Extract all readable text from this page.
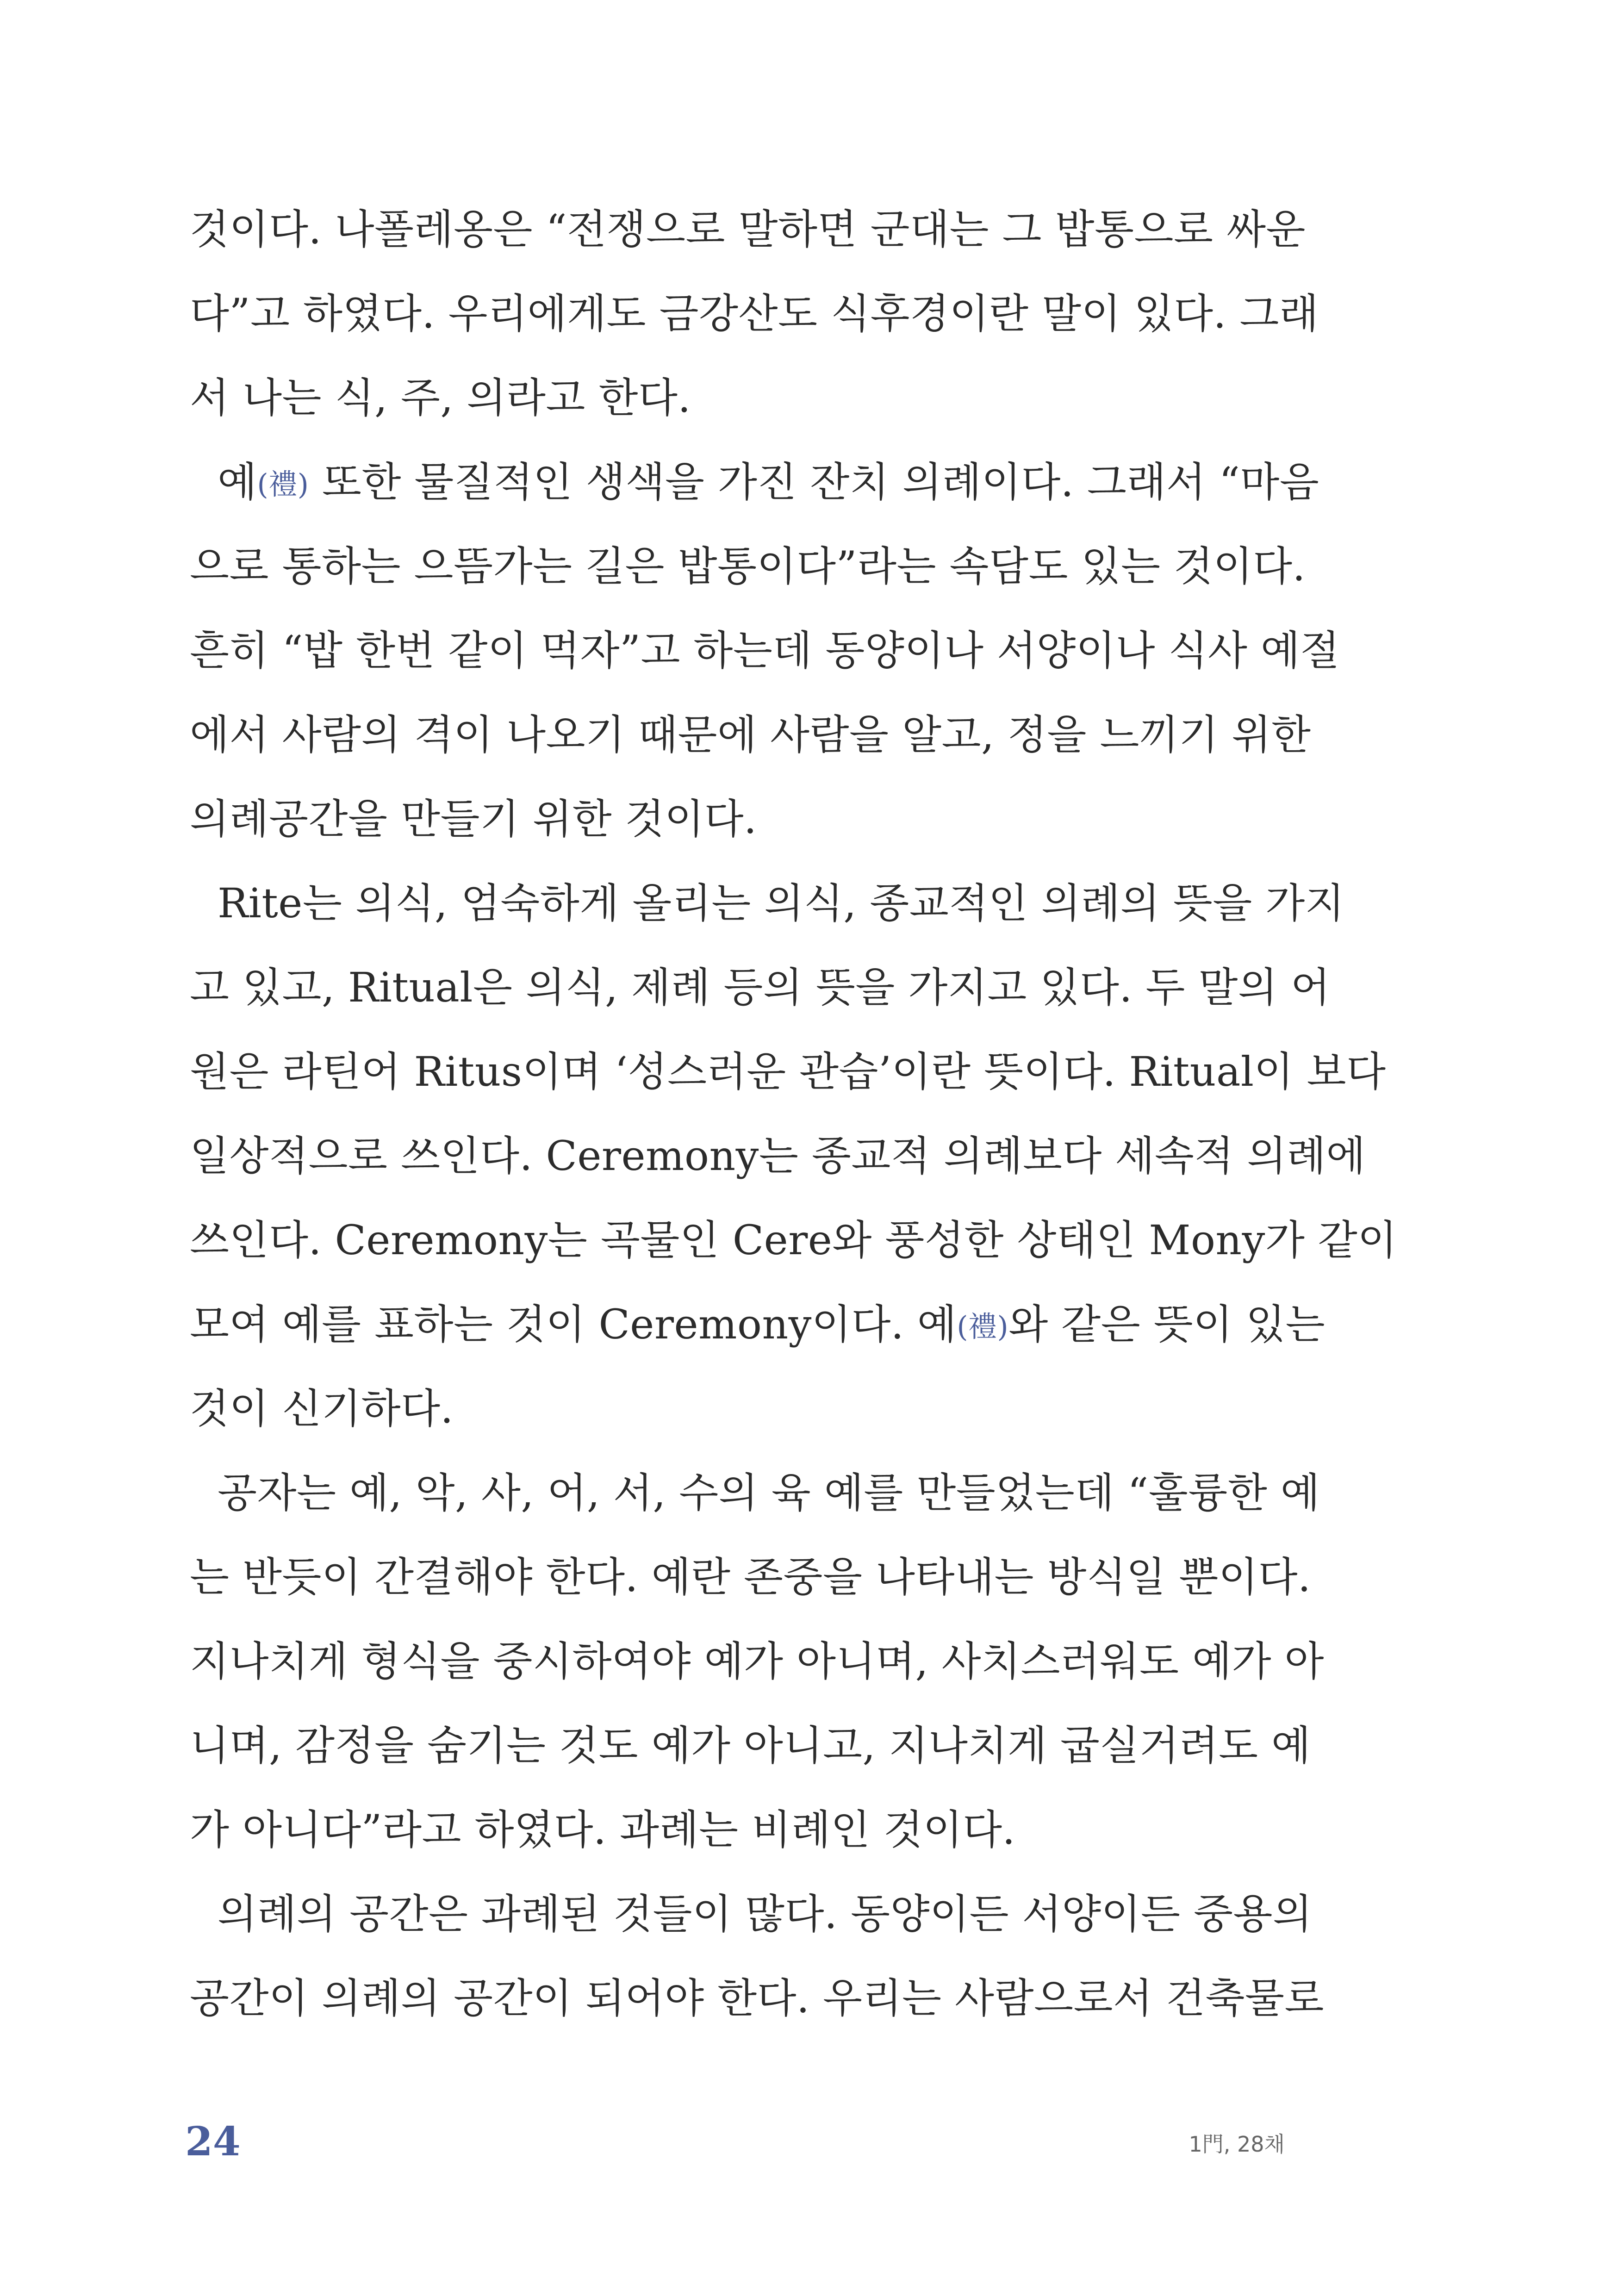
것이다. 나폴레옹은 “전쟁으로 말하면 군대는 그 밥통으로 싸운
다”고 하였다. 우리에게도 금강산도 식후경이란 말이 있다. 그래
서 나는 식, 주, 의라고 한다.
예(禮) 또한 물질적인 생색을 가진 잔치 의례이다. 그래서 “마음
으로 통하는 으뜸가는 길은 밥통이다”라는 속담도 있는 것이다.
흔히 “밥 한번 같이 먹자”고 하는데 동양이나 서양이나 식사 예절
에서 사람의 격이 나오기 때문에 사람을 알고, 정을 느끼기 위한
의례공간을 만들기 위한 것이다.
Rite는 의식, 엄숙하게 올리는 의식, 종교적인 의례의 뜻을 가지
고 있고, Ritual은 의식, 제례 등의 뜻을 가지고 있다. 두 말의 어
원은 라틴어 Ritus이며 ‘성스러운 관습’이란 뜻이다. Ritual이 보다
일상적으로 쓰인다. Ceremony는 종교적 의례보다 세속적 의례에
쓰인다. Ceremony는 곡물인 Cere와 풍성한 상태인 Mony가 같이
모여 예를 표하는 것이 Ceremony이다. 예(禮)와 같은 뜻이 있는
것이 신기하다.
공자는 예, 악, 사, 어, 서, 수의 육 예를 만들었는데 “훌륭한 예
는 반듯이 간결해야 한다. 예란 존중을 나타내는 방식일 뿐이다.
지나치게 형식을 중시하여야 예가 아니며, 사치스러워도 예가 아
니며, 감정을 숨기는 것도 예가 아니고, 지나치게 굽실거려도 예
가 아니다”라고 하였다. 과례는 비례인 것이다.
의례의 공간은 과례된 것들이 많다. 동양이든 서양이든 중용의
공간이 의례의 공간이 되어야 한다. 우리는 사람으로서 건축물로
24	1門, 28채
